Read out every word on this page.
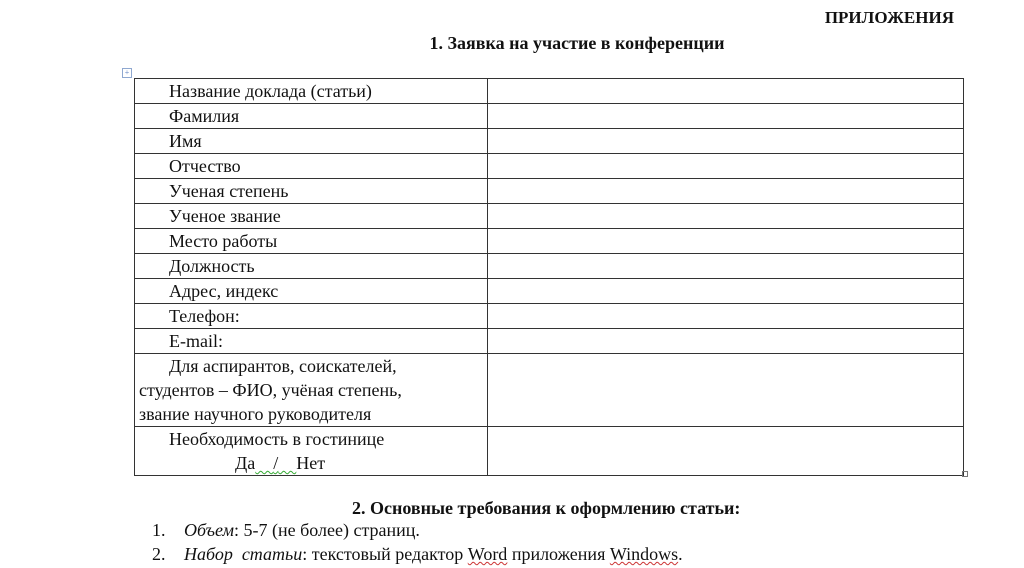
ПРИЛОЖЕНИЯ
1. Заявка на участие в конференции
+
Название доклада (статьи)	
Фамилия	
Имя	
Отчество	
Ученая степень	
Ученое звание	
Место работы	
Должность	
Адрес, индекс	
Телефон:	
E-mail:	
Для аспирантов, соискателей,

студентов – ФИО, учёная степень,
звание научного руководителя	

Необходимость в гостинице
Да / Нет	

2. Основные требования к оформлению статьи:
1. Объем: 5-7 (не более) страниц.
2. Набор  статьи: текстовый редактор Word приложения Windows.
